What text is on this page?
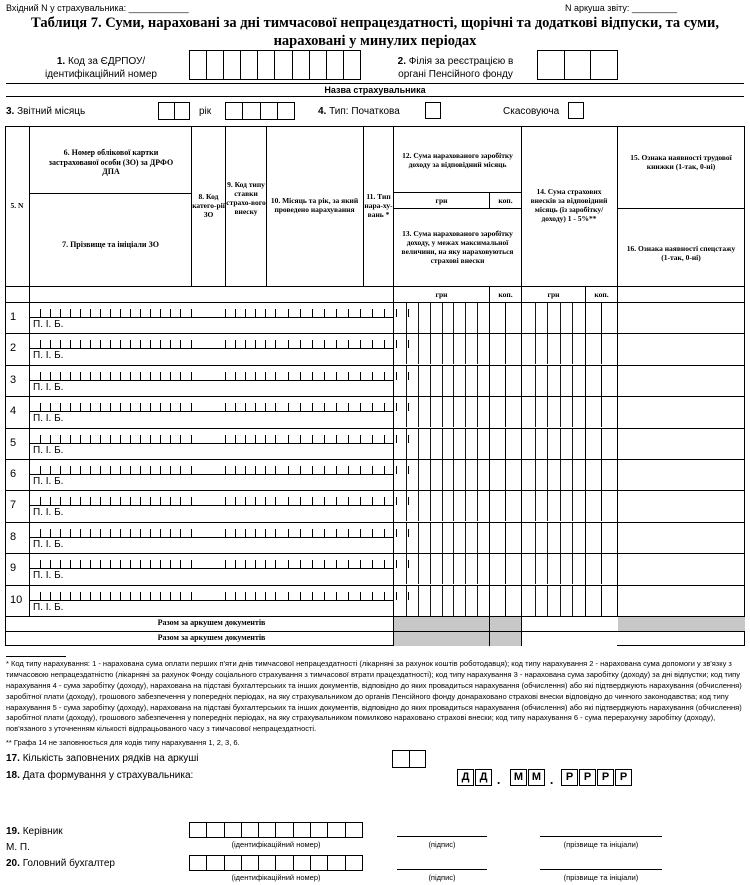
Вхідний N у страхувальника: ____________	N аркуша звіту: _________
Таблиця 7. Суми, нараховані за дні тимчасової непрацездатності, щорічні та додаткові відпуски, та суми,
нараховані у минулих періодах
1. Код за ЄДРПОУ/
ідентифікаційний номер
2. Філія за реєстрацією в
органі Пенсійного фонду
Назва страхувальника
3. Звітний місяць	рік	4. Тип: Початкова	Скасовуюча
5. N
6. Номер облікової картки застрахованої особи (ЗО) за ДРФО ДПА
7. Прізвище та ініціали ЗО
8. Код катего-рії ЗО
9. Код типу ставки страхо-вого внеску
10. Місяць та рік, за який проведено нарахування
11. Тип нара-ху-вань *
12. Сума нарахованого заробітку доходу за відповідний місяць
грн	коп.
13. Сума нарахованого заробітку доходу, у межах максимальної величини, на яку нараховуються страхові внески
14. Сума страхових внесків за відповідний місяць (із заробітку/доходу) 1 - 5%**
15. Ознака наявності трудової книжки (1-так, 0-ні)
16. Ознака наявності спецстажу (1-так, 0-ні)
грн	коп.	грн	коп.
1
П. І. Б.
2
П. І. Б.
3
П. І. Б.
4
П. І. Б.
5
П. І. Б.
6
П. І. Б.
7
П. І. Б.
8
П. І. Б.
9
П. І. Б.
10
П. І. Б.
Разом за аркушем документів
Разом за аркушем документів
* Код типу нарахування: 1 - нарахована сума оплати перших п'яти днів тимчасової непрацездатності (лікарняні за рахунок коштів роботодавця); код типу нарахування 2 - нарахована сума допомоги у зв'язку з тимчасовою непрацездатністю (лікарняні за рахунок Фонду соціального страхування з тимчасової втрати працездатності); код типу нарахування 3 - нарахована сума заробітку (доходу) за дні відпустки; код типу нарахування 4 - сума заробітку (доходу), нарахована на підставі бухгалтерських та інших документів, відповідно до яких провадиться нарахування (обчислення) або які підтверджують нарахування (обчислення) заробітної плати (доходу), грошового забезпечення у попередніх періодах, на яку страхувальником до органів Пенсійного фонду донараховано страхові внески відповідно до чинного законодавства; код типу нарахування 5 - сума заробітку (доходу), нарахована на підставі бухгалтерських та інших документів, відповідно до яких провадиться нарахування (обчислення) або які підтверджують нарахування (обчислення) заробітної плати (доходу), грошового забезпечення у попередніх періодах, на яку страхувальником помилково нараховано страхові внески; код типу нарахування 6 - сума перерахунку заробітку (доходу), пов'язаного з уточненням кількості відпрацьованого часу з тимчасової непрацездатності.
** Графа 14 не заповнюється для кодів типу нарахування 1, 2, 3, 6.
17. Кількість заповнених рядків на аркуші
18. Дата формування у страхувальника:	Д Д	М М	Р Р Р Р
.	.
19. Керівник
М. П.	(ідентифікаційний номер)	(підпис)	(прізвище та ініціали)
20. Головний бухгалтер
(ідентифікаційний номер)	(підпис)	(прізвище та ініціали)
